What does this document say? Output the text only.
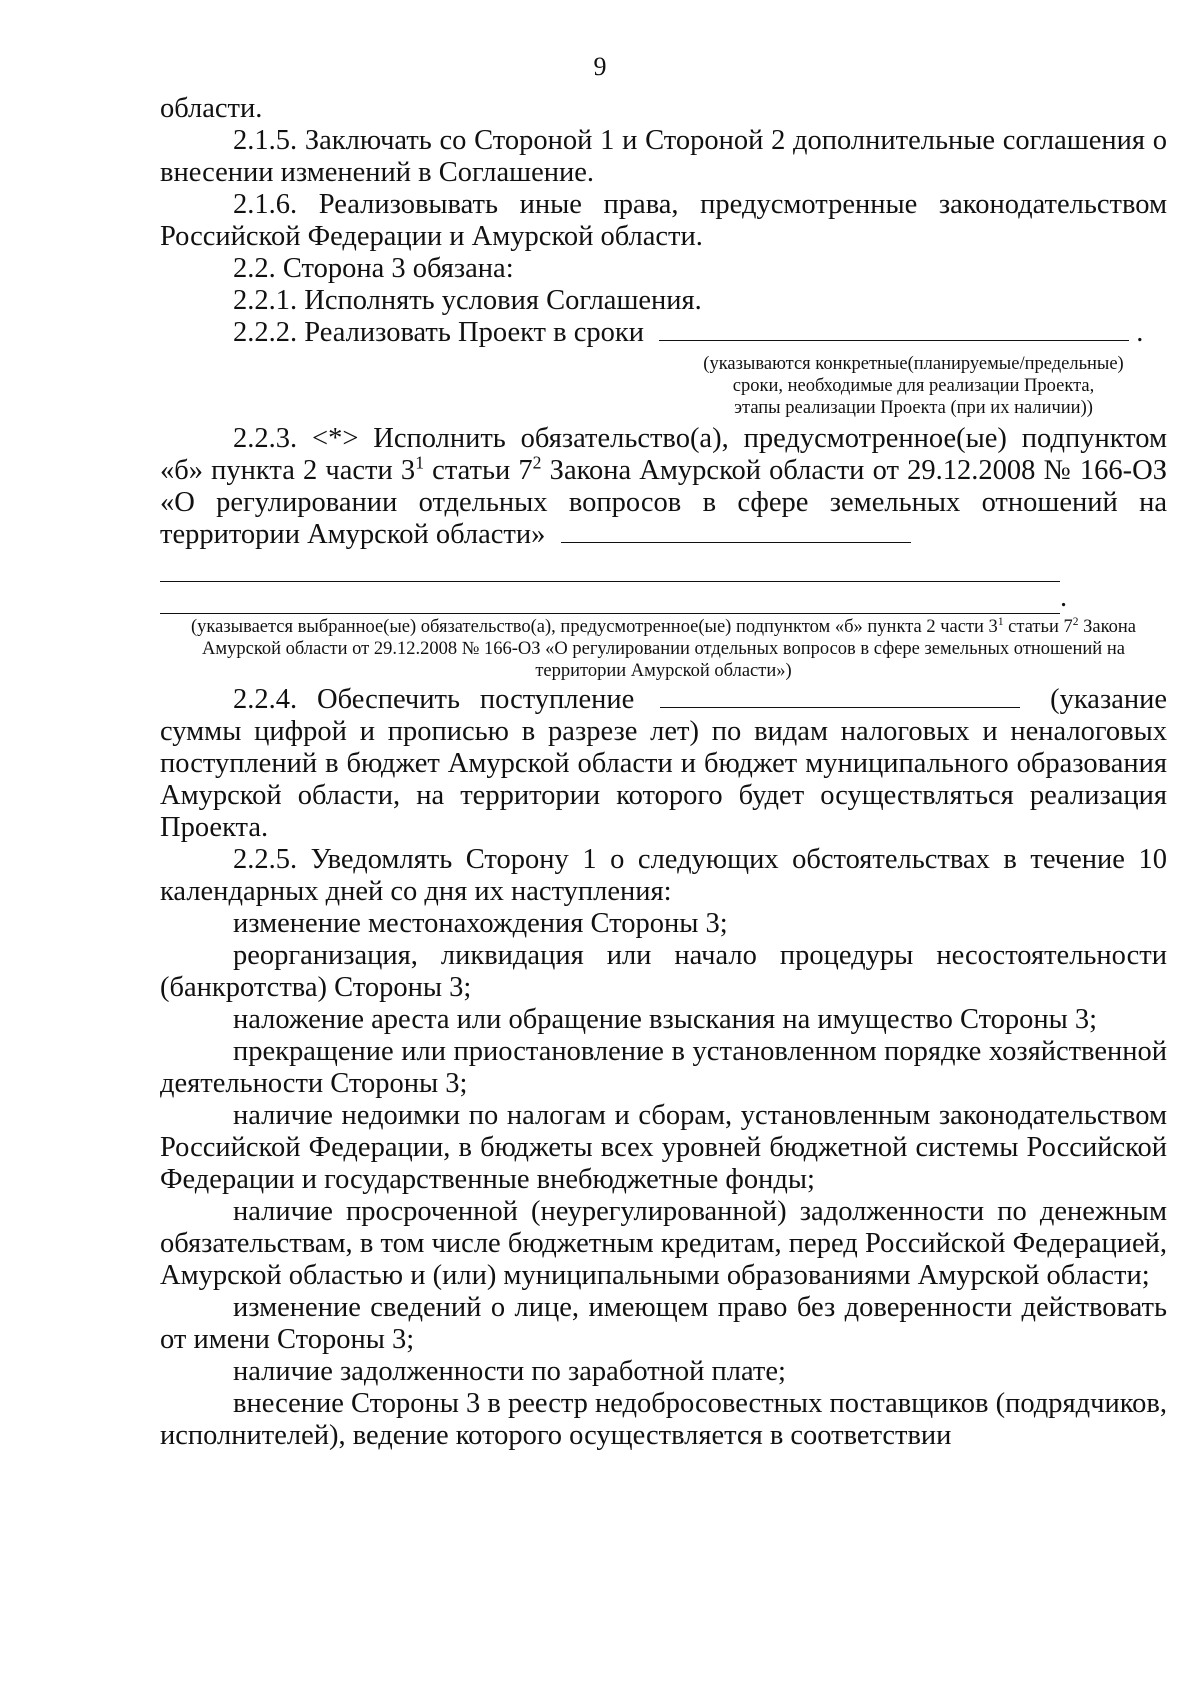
9

области.

2.1.5. Заключать со Стороной 1 и Стороной 2 дополнительные соглашения о внесении изменений в Соглашение.

2.1.6. Реализовывать иные права, предусмотренные законодательством Российской Федерации и Амурской области.

2.2. Сторона 3 обязана:

2.2.1. Исполнять условия Соглашения.

2.2.2. Реализовать Проект в сроки	.

(указываются конкретные(планируемые/предельные)
сроки, необходимые для реализации Проекта,
этапы реализации Проекта (при их наличии))

2.2.3. <*> Исполнить обязательство(а), предусмотренное(ые) подпунктом «б» пункта 2 части $3^1$ статьи $7^2$ Закона Амурской области от 29.12.2008 № 166-ОЗ «О регулировании отдельных вопросов в сфере земельных отношений на территории Амурской области»

.
(указывается выбранное(ые) обязательство(а), предусмотренное(ые) подпунктом «б» пункта 2 части $3^1$ статьи $7^2$ Закона Амурской области от 29.12.2008 № 166-ОЗ «О регулировании отдельных вопросов в сфере земельных отношений на территории Амурской области»)

2.2.4. Обеспечить поступление	(указание суммы цифрой и прописью в разрезе лет) по видам налоговых и неналоговых поступлений в бюджет Амурской области и бюджет муниципального образования Амурской области, на территории которого будет осуществляться реализация Проекта.

2.2.5. Уведомлять Сторону 1 о следующих обстоятельствах в течение 10 календарных дней со дня их наступления:

изменение местонахождения Стороны 3;

реорганизация, ликвидация или начало процедуры несостоятельности (банкротства) Стороны 3;

наложение ареста или обращение взыскания на имущество Стороны 3;

прекращение или приостановление в установленном порядке хозяйственной деятельности Стороны 3;

наличие недоимки по налогам и сборам, установленным законодательством Российской Федерации, в бюджеты всех уровней бюджетной системы Российской Федерации и государственные внебюджетные фонды;

наличие просроченной (неурегулированной) задолженности по денежным обязательствам, в том числе бюджетным кредитам, перед Российской Федерацией, Амурской областью и (или) муниципальными образованиями Амурской области;

изменение сведений о лице, имеющем право без доверенности действовать от имени Стороны 3;

наличие задолженности по заработной плате;

внесение Стороны 3 в реестр недобросовестных поставщиков (подрядчиков, исполнителей), ведение которого осуществляется в соответствии
